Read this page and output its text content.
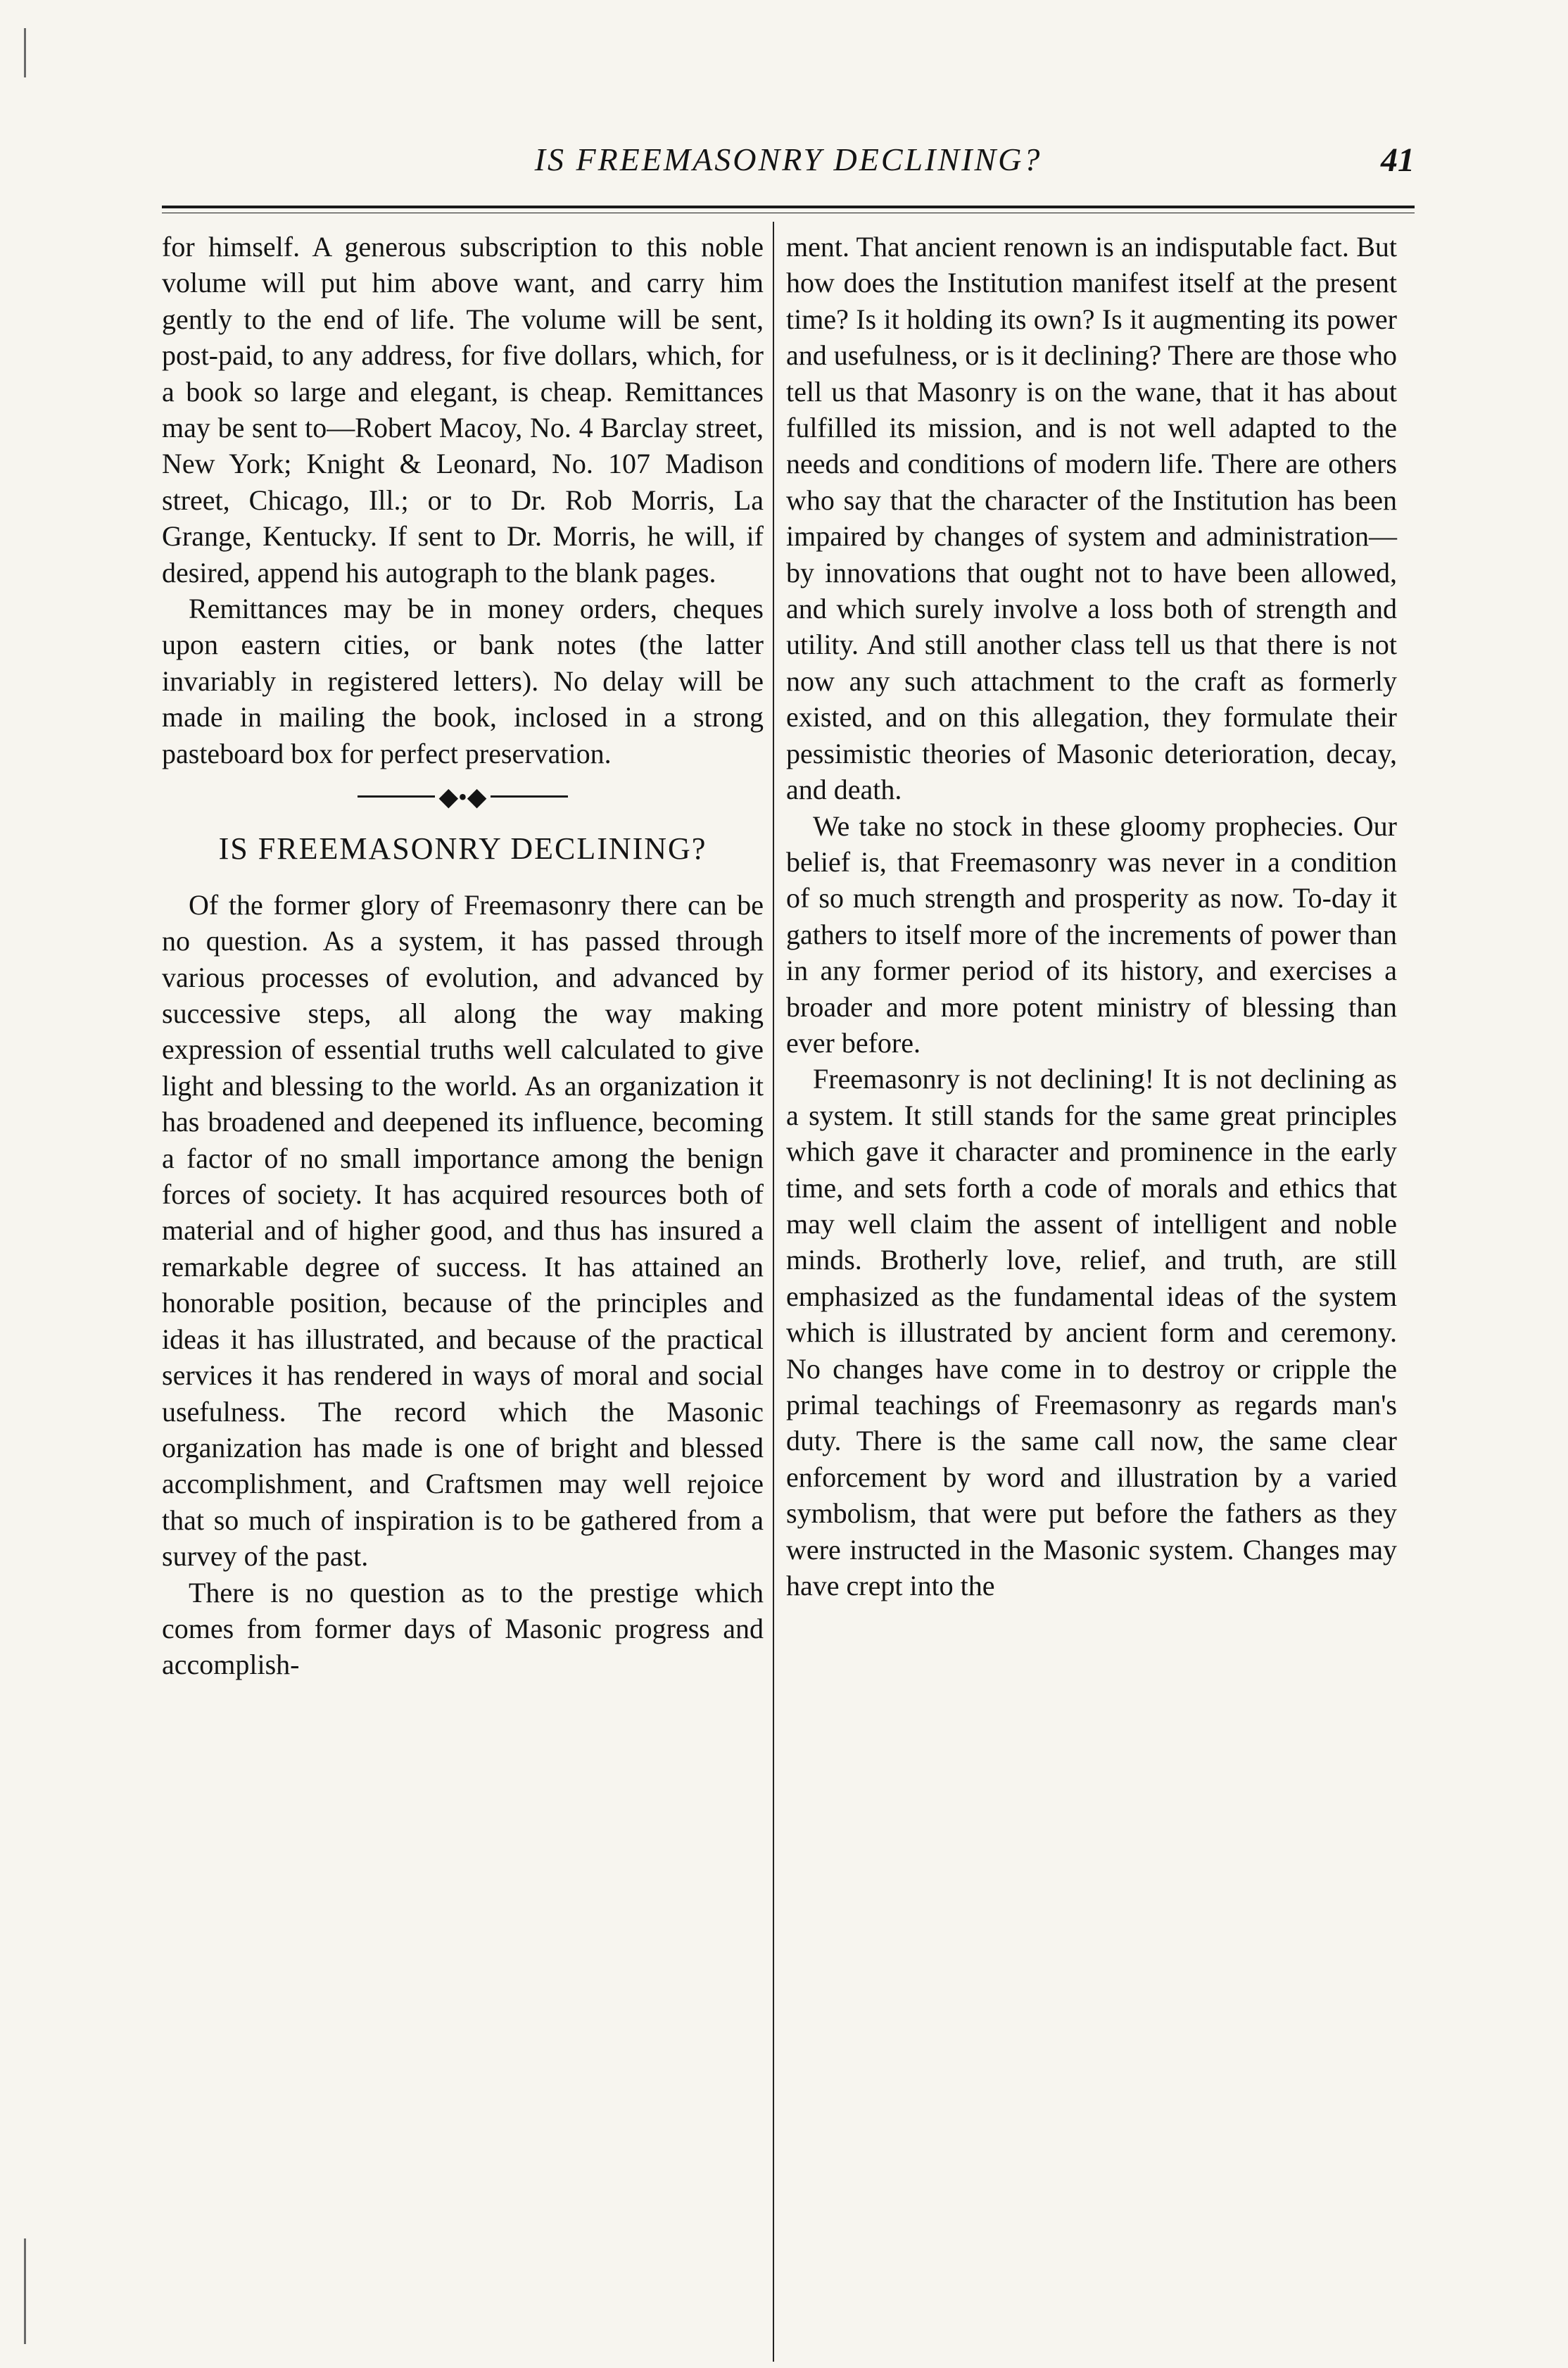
IS FREEMASONRY DECLINING?	41

for himself. A generous subscription to this noble volume will put him above want, and carry him gently to the end of life. The volume will be sent, post-paid, to any address, for five dollars, which, for a book so large and elegant, is cheap. Remittances may be sent to—Robert Macoy, No. 4 Barclay street, New York; Knight & Leonard, No. 107 Madison street, Chicago, Ill.; or to Dr. Rob Morris, La Grange, Kentucky. If sent to Dr. Morris, he will, if desired, append his autograph to the blank pages.

Remittances may be in money orders, cheques upon eastern cities, or bank notes (the latter invariably in registered letters). No delay will be made in mailing the book, inclosed in a strong pasteboard box for perfect preservation.

◆•◆
IS FREEMASONRY DECLINING?

Of the former glory of Freemasonry there can be no question. As a system, it has passed through various processes of evolution, and advanced by successive steps, all along the way making expression of essential truths well calculated to give light and blessing to the world. As an organization it has broadened and deepened its influence, becoming a factor of no small importance among the benign forces of society. It has acquired resources both of material and of higher good, and thus has insured a remarkable degree of success. It has attained an honorable position, because of the principles and ideas it has illustrated, and because of the practical services it has rendered in ways of moral and social usefulness. The record which the Masonic organization has made is one of bright and blessed accomplishment, and Craftsmen may well rejoice that so much of inspiration is to be gathered from a survey of the past.

There is no question as to the prestige which comes from former days of Masonic progress and accomplish-

ment. That ancient renown is an indisputable fact. But how does the Institution manifest itself at the present time? Is it holding its own? Is it augmenting its power and usefulness, or is it declining? There are those who tell us that Masonry is on the wane, that it has about fulfilled its mission, and is not well adapted to the needs and conditions of modern life. There are others who say that the character of the Institution has been impaired by changes of system and administration—by innovations that ought not to have been allowed, and which surely involve a loss both of strength and utility. And still another class tell us that there is not now any such attachment to the craft as formerly existed, and on this allegation, they formulate their pessimistic theories of Masonic deterioration, decay, and death.

We take no stock in these gloomy prophecies. Our belief is, that Freemasonry was never in a condition of so much strength and prosperity as now. To-day it gathers to itself more of the increments of power than in any former period of its history, and exercises a broader and more potent ministry of blessing than ever before.

Freemasonry is not declining! It is not declining as a system. It still stands for the same great principles which gave it character and prominence in the early time, and sets forth a code of morals and ethics that may well claim the assent of intelligent and noble minds. Brotherly love, relief, and truth, are still emphasized as the fundamental ideas of the system which is illustrated by ancient form and ceremony. No changes have come in to destroy or cripple the primal teachings of Freemasonry as regards man's duty. There is the same call now, the same clear enforcement by word and illustration by a varied symbolism, that were put before the fathers as they were instructed in the Masonic system. Changes may have crept into the
